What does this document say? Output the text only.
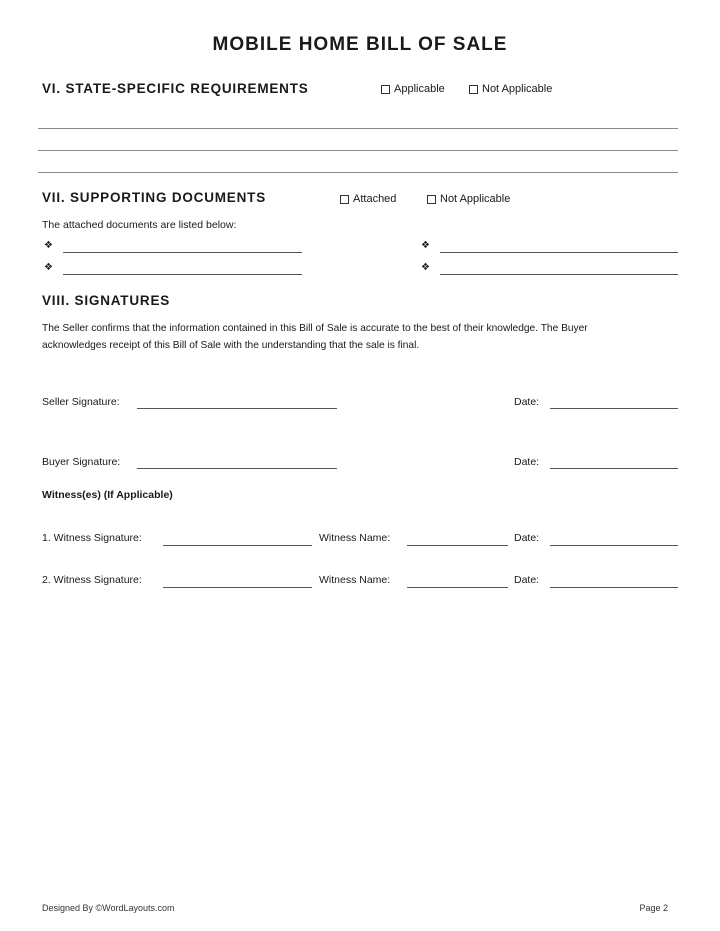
MOBILE HOME BILL OF SALE
VI. STATE-SPECIFIC REQUIREMENTS	Applicable	Not Applicable
VII. SUPPORTING DOCUMENTS	Attached	Not Applicable
The attached documents are listed below:
❖
❖
❖
❖
VIII. SIGNATURES
The Seller confirms that the information contained in this Bill of Sale is accurate to the best of their knowledge. The Buyer
acknowledges receipt of this Bill of Sale with the understanding that the sale is final.
Seller Signature:	Date:
Buyer Signature:	Date:
Witness(es) (If Applicable)
1. Witness Signature:	Witness Name:	Date:
2. Witness Signature:	Witness Name:	Date:
Designed By ©WordLayouts.com	Page 2
